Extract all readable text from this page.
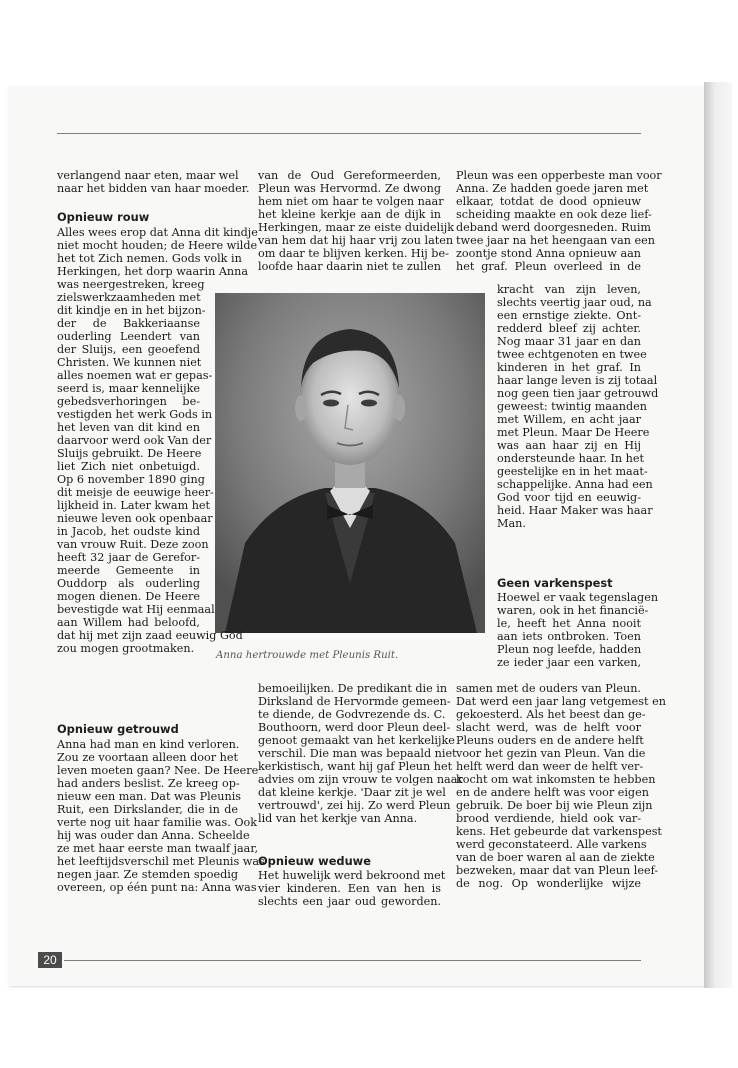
20
Anna hertrouwde met Pleunis Ruit.
verlangend naar eten, maar wel
naar het bidden van haar moeder.
Opnieuw rouw
Alles wees erop dat Anna dit kindje
niet mocht houden; de Heere wilde
het tot Zich nemen. Gods volk in
Herkingen, het dorp waarin Anna
was neergestreken, kreeg
zielswerkzaamheden met
dit kindje en in het bijzon-
der de Bakkeriaanse
ouderling Leendert van
der Sluijs, een geoefend
Christen. We kunnen niet
alles noemen wat er gepas-
seerd is, maar kennelijke
gebedsverhoringen be-
vestigden het werk Gods in
het leven van dit kind en
daarvoor werd ook Van der
Sluijs gebruikt. De Heere
liet Zich niet onbetuigd.
Op 6 november 1890 ging
dit meisje de eeuwige heer-
lijkheid in. Later kwam het
nieuwe leven ook openbaar
in Jacob, het oudste kind
van vrouw Ruit. Deze zoon
heeft 32 jaar de Gerefor-
meerde Gemeente in
Ouddorp als ouderling
mogen dienen. De Heere
bevestigde wat Hij eenmaal
aan Willem had beloofd,
dat hij met zijn zaad eeuwig God
zou mogen grootmaken.
Opnieuw getrouwd
Anna had man en kind verloren.
Zou ze voortaan alleen door het
leven moeten gaan? Nee. De Heere
had anders beslist. Ze kreeg op-
nieuw een man. Dat was Pleunis
Ruit, een Dirkslander, die in de
verte nog uit haar familie was. Ook
hij was ouder dan Anna. Scheelde
ze met haar eerste man twaalf jaar,
het leeftijdsverschil met Pleunis was
negen jaar. Ze stemden spoedig
overeen, op één punt na: Anna was
van de Oud Gereformeerden,
Pleun was Hervormd. Ze dwong
hem niet om haar te volgen naar
het kleine kerkje aan de dijk in
Herkingen, maar ze eiste duidelijk
van hem dat hij haar vrij zou laten
om daar te blijven kerken. Hij be-
loofde haar daarin niet te zullen
bemoeilijken. De predikant die in
Dirksland de Hervormde gemeen-
te diende, de Godvrezende ds. C.
Bouthoorn, werd door Pleun deel-
genoot gemaakt van het kerkelijke
verschil. Die man was bepaald niet
kerkistisch, want hij gaf Pleun het
advies om zijn vrouw te volgen naar
dat kleine kerkje. 'Daar zit je wel
vertrouwd', zei hij. Zo werd Pleun
lid van het kerkje van Anna.
Opnieuw weduwe
Het huwelijk werd bekroond met
vier kinderen. Een van hen is
slechts een jaar oud geworden.
Pleun was een opperbeste man voor
Anna. Ze hadden goede jaren met
elkaar, totdat de dood opnieuw
scheiding maakte en ook deze lief-
deband werd doorgesneden. Ruim
twee jaar na het heengaan van een
zoontje stond Anna opnieuw aan
het graf. Pleun overleed in de
kracht van zijn leven,
slechts veertig jaar oud, na
een ernstige ziekte. Ont-
redderd bleef zij achter.
Nog maar 31 jaar en dan
twee echtgenoten en twee
kinderen in het graf. In
haar lange leven is zij totaal
nog geen tien jaar getrouwd
geweest: twintig maanden
met Willem, en acht jaar
met Pleun. Maar De Heere
was aan haar zij en Hij
ondersteunde haar. In het
geestelijke en in het maat-
schappelijke. Anna had een
God voor tijd en eeuwig-
heid. Haar Maker was haar
Man.
Geen varkenspest
Hoewel er vaak tegenslagen
waren, ook in het financië-
le, heeft het Anna nooit
aan iets ontbroken. Toen
Pleun nog leefde, hadden
ze ieder jaar een varken,
samen met de ouders van Pleun.
Dat werd een jaar lang vetgemest en
gekoesterd. Als het beest dan ge-
slacht werd, was de helft voor
Pleuns ouders en de andere helft
voor het gezin van Pleun. Van die
helft werd dan weer de helft ver-
kocht om wat inkomsten te hebben
en de andere helft was voor eigen
gebruik. De boer bij wie Pleun zijn
brood verdiende, hield ook var-
kens. Het gebeurde dat varkenspest
werd geconstateerd. Alle varkens
van de boer waren al aan de ziekte
bezweken, maar dat van Pleun leef-
de nog. Op wonderlijke wijze
